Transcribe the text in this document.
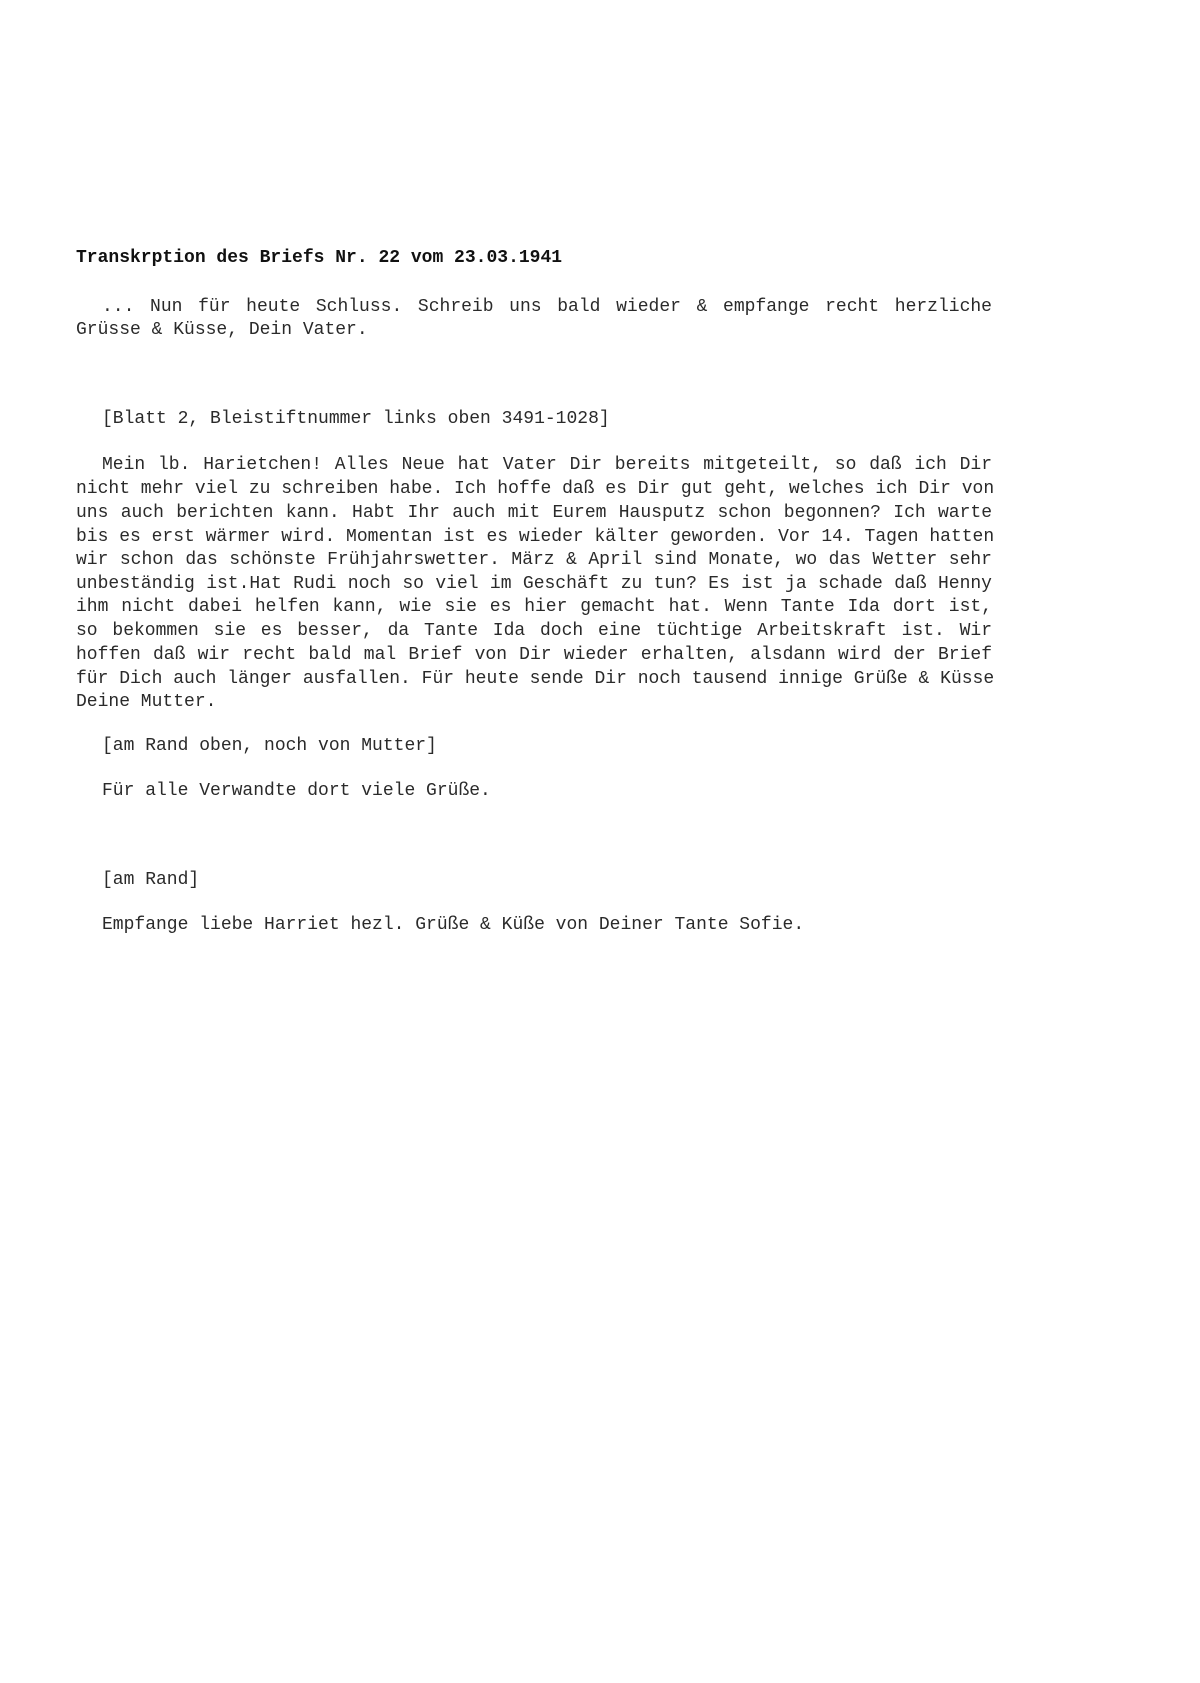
Transkrption des Briefs Nr. 22 vom 23.03.1941
... Nun für heute Schluss. Schreib uns bald wieder & empfange recht herzliche
Grüsse & Küsse, Dein Vater.
[Blatt 2, Bleistiftnummer links oben 3491-1028]
Mein lb. Harietchen! Alles Neue hat Vater Dir bereits mitgeteilt, so daß ich Dir
nicht mehr viel zu schreiben habe. Ich hoffe daß es Dir gut geht, welches ich Dir von
uns auch berichten kann. Habt Ihr auch mit Eurem Hausputz schon begonnen? Ich warte
bis es erst wärmer wird. Momentan ist es wieder kälter geworden. Vor 14. Tagen hatten
wir schon das schönste Frühjahrswetter. März & April sind Monate, wo das Wetter sehr
unbeständig ist.Hat Rudi noch so viel im Geschäft zu tun? Es ist ja schade daß Henny
ihm nicht dabei helfen kann, wie sie es hier gemacht hat. Wenn Tante Ida dort ist,
so bekommen sie es besser, da Tante Ida doch eine tüchtige Arbeitskraft ist. Wir
hoffen daß wir recht bald mal Brief von Dir wieder erhalten, alsdann wird der Brief
für Dich auch länger ausfallen. Für heute sende Dir noch tausend innige Grüße & Küsse
Deine Mutter.
[am Rand oben, noch von Mutter]
Für alle Verwandte dort viele Grüße.
[am Rand]
Empfange liebe Harriet hezl. Grüße & Küße von Deiner Tante Sofie.
